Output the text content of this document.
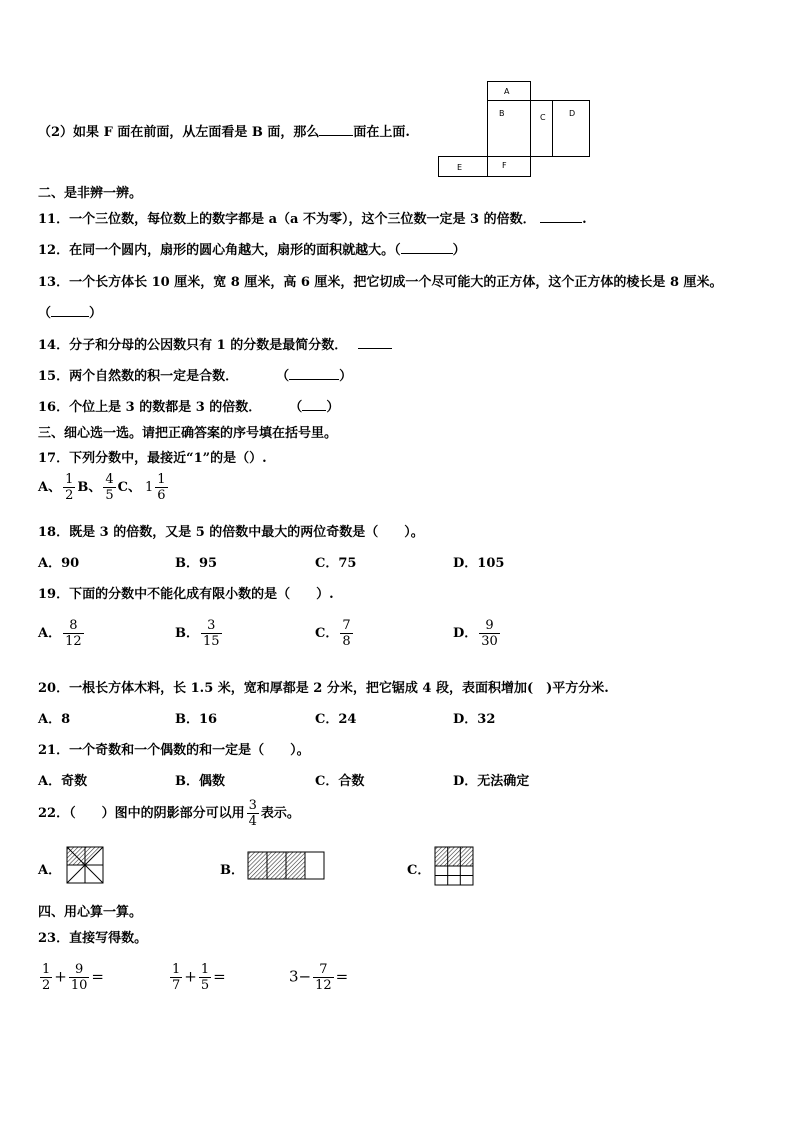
（2）如果 F 面在前面，从左面看是 B 面，那么	面在上面.
A
B	C	D
E	F
二、是非辨一辨。
11．一个三位数，每位数上的数字都是 a（a 不为零），这个三位数一定是 3 的倍数．	.
12．在同一个圆内，扇形的圆心角越大，扇形的面积就越大。（	）
13．一个长方体长 10 厘米，宽 8 厘米，高 6 厘米，把它切成一个尽可能大的正方体，这个正方体的棱长是 8 厘米。
（	）
14．分子和分母的公因数只有 1 的分数是最简分数．
15．两个自然数的积一定是合数．	（	）
16．个位上是 3 的数都是 3 的倍数． （ ）
三、细心选一选。请把正确答案的序号填在括号里。
17．下列分数中，最接近“1”的是（）.
A、 $\frac{1}{2}$ B、 $\frac{4}{5}$ C、 $1 \frac{1}{6}$
18．既是 3 的倍数，又是 5 的倍数中最大的两位奇数是（　　）。
A．90	B．95	C．75	D．105
19．下面的分数中不能化成有限小数的是（　　）.
A． $\frac{8}{12}$	B． $\frac{3}{15}$	C． $\frac{7}{8}$	D． $\frac{9}{30}$
20．一根长方体木料，长 1.5 米，宽和厚都是 2 分米，把它锯成 4 段，表面积增加(　)平方分米.
A．8	B．16	C．24	D．32
21．一个奇数和一个偶数的和一定是（　　）。
A．奇数	B．偶数	C．合数	D．无法确定
22．（　　）图中的阴影部分可以用 $\frac{3}{4}$ 表示。
A．	B．	C．
四、用心算一算。
23．直接写得数。
$\frac{1}{2} + \frac{9}{10}$ =	$\frac{1}{7} + \frac{1}{5}$ =	$3- \frac{7}{12}$ =
